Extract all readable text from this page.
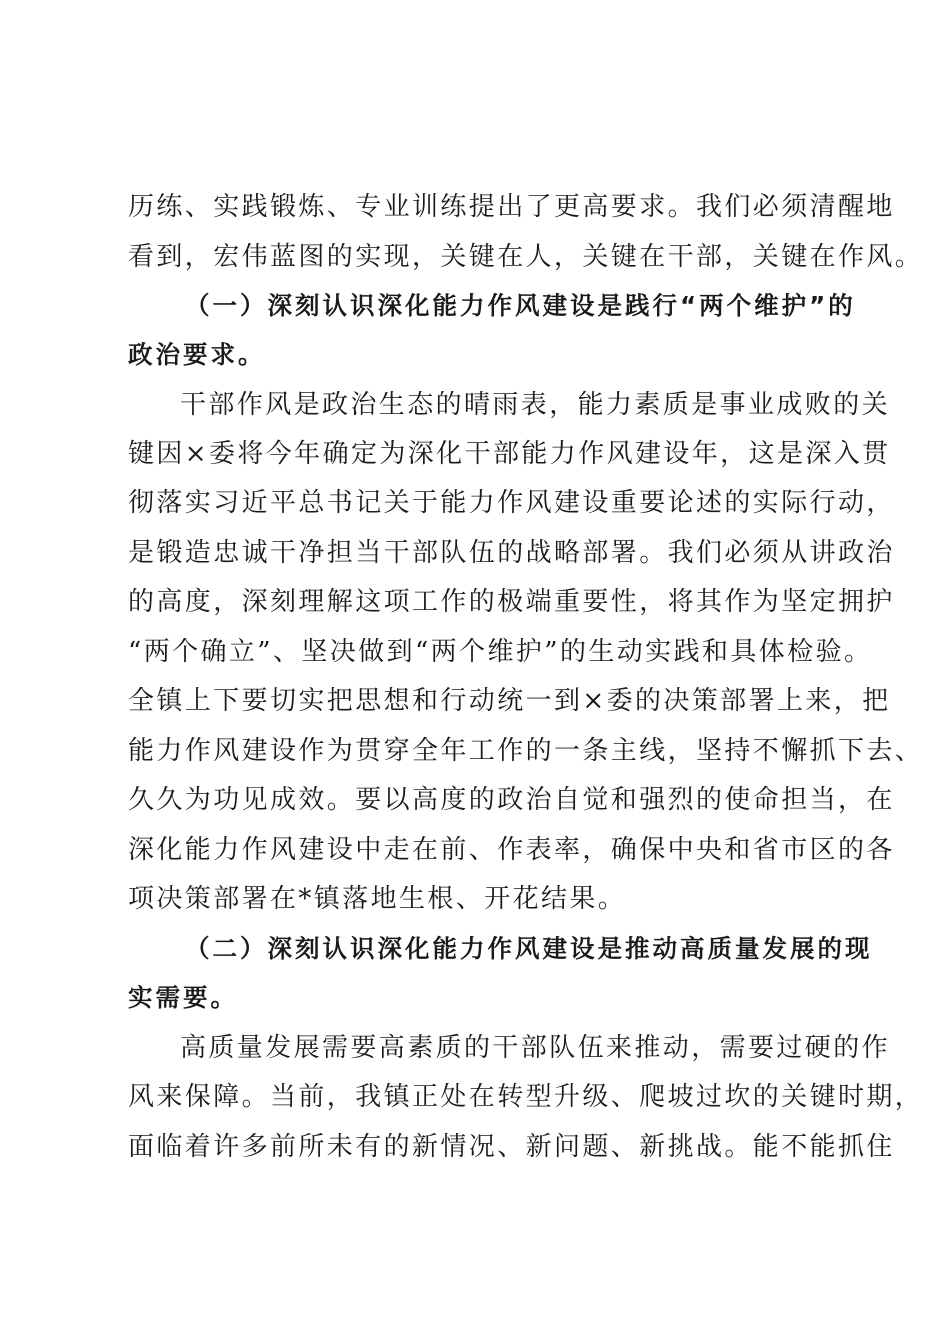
历练、实践锻炼、专业训练提出了更高要求。我们必须清醒地
看到，宏伟蓝图的实现，关键在人，关键在干部，关键在作风。
（一）深刻认识深化能力作风建设是践行“两个维护”的
政治要求。
干部作风是政治生态的晴雨表，能力素质是事业成败的关
键因×委将今年确定为深化干部能力作风建设年，这是深入贯
彻落实习近平总书记关于能力作风建设重要论述的实际行动，
是锻造忠诚干净担当干部队伍的战略部署。我们必须从讲政治
的高度，深刻理解这项工作的极端重要性，将其作为坚定拥护
“两个确立”、坚决做到“两个维护”的生动实践和具体检验。
全镇上下要切实把思想和行动统一到×委的决策部署上来，把
能力作风建设作为贯穿全年工作的一条主线，坚持不懈抓下去、
久久为功见成效。要以高度的政治自觉和强烈的使命担当，在
深化能力作风建设中走在前、作表率，确保中央和省市区的各
项决策部署在*镇落地生根、开花结果。
（二）深刻认识深化能力作风建设是推动高质量发展的现
实需要。
高质量发展需要高素质的干部队伍来推动，需要过硬的作
风来保障。当前，我镇正处在转型升级、爬坡过坎的关键时期，
面临着许多前所未有的新情况、新问题、新挑战。能不能抓住
